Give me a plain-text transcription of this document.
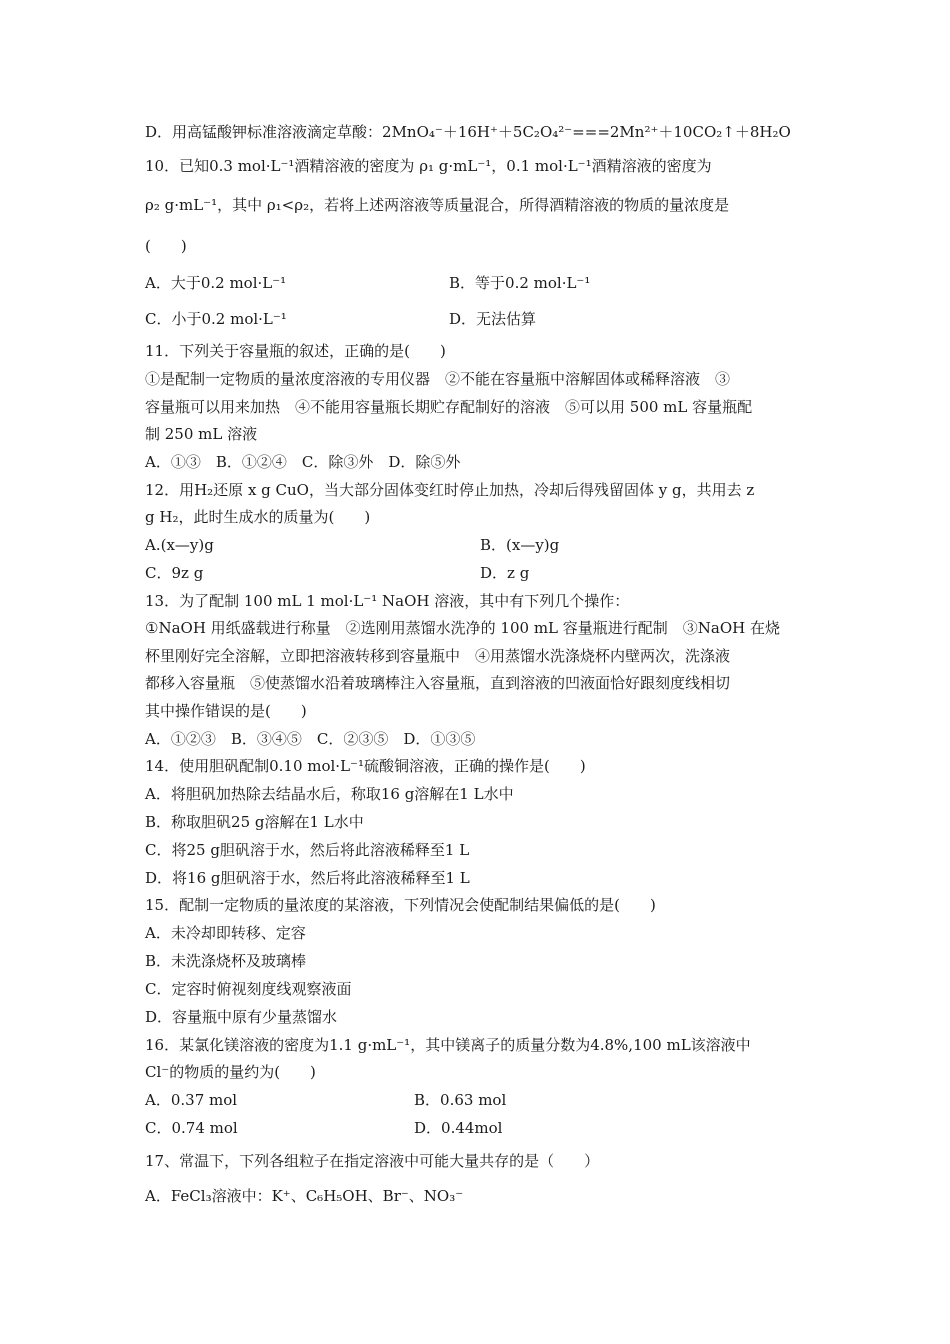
D．用高锰酸钾标准溶液滴定草酸：2MnO₄⁻＋16H⁺＋5C₂O₄²⁻===2Mn²⁺＋10CO₂↑＋8H₂O
10．已知0.3 mol·L⁻¹酒精溶液的密度为 ρ₁ g·mL⁻¹，0.1 mol·L⁻¹酒精溶液的密度为
ρ₂ g·mL⁻¹，其中 ρ₁<ρ₂，若将上述两溶液等质量混合，所得酒精溶液的物质的量浓度是
(　　)
A．大于0.2 mol·L⁻¹	B．等于0.2 mol·L⁻¹
C．小于0.2 mol·L⁻¹	D．无法估算
11．下列关于容量瓶的叙述，正确的是(　　)
①是配制一定物质的量浓度溶液的专用仪器　②不能在容量瓶中溶解固体或稀释溶液　③
容量瓶可以用来加热　④不能用容量瓶长期贮存配制好的溶液　⑤可以用 500 mL 容量瓶配
制 250 mL 溶液
A．①③　B．①②④　C．除③外　D．除⑤外
12．用H₂还原 x g CuO，当大部分固体变红时停止加热，冷却后得残留固体 y g，共用去 z
g H₂，此时生成水的质量为(　　)
A.(x—y)g	B．(x—y)g
C．9z g	D．z g
13．为了配制 100 mL 1 mol·L⁻¹ NaOH 溶液，其中有下列几个操作：
①NaOH 用纸盛载进行称量　②选刚用蒸馏水洗净的 100 mL 容量瓶进行配制　③NaOH 在烧
杯里刚好完全溶解，立即把溶液转移到容量瓶中　④用蒸馏水洗涤烧杯内壁两次，洗涤液
都移入容量瓶　⑤使蒸馏水沿着玻璃棒注入容量瓶，直到溶液的凹液面恰好跟刻度线相切
其中操作错误的是(　　)
A．①②③　B．③④⑤　C．②③⑤　D．①③⑤
14．使用胆矾配制0.10 mol·L⁻¹硫酸铜溶液，正确的操作是(　　)
A．将胆矾加热除去结晶水后，称取16 g溶解在1 L水中
B．称取胆矾25 g溶解在1 L水中
C．将25 g胆矾溶于水，然后将此溶液稀释至1 L
D．将16 g胆矾溶于水，然后将此溶液稀释至1 L
15．配制一定物质的量浓度的某溶液，下列情况会使配制结果偏低的是(　　)
A．未冷却即转移、定容
B．未洗涤烧杯及玻璃棒
C．定容时俯视刻度线观察液面
D．容量瓶中原有少量蒸馏水
16．某氯化镁溶液的密度为1.1 g·mL⁻¹，其中镁离子的质量分数为4.8%,100 mL该溶液中
Cl⁻的物质的量约为(　　)
A．0.37 mol	B．0.63 mol
C．0.74 mol	D．0.44mol
17、常温下，下列各组粒子在指定溶液中可能大量共存的是（　　）
A．FeCl₃溶液中：K⁺、C₆H₅OH、Br⁻、NO₃⁻
